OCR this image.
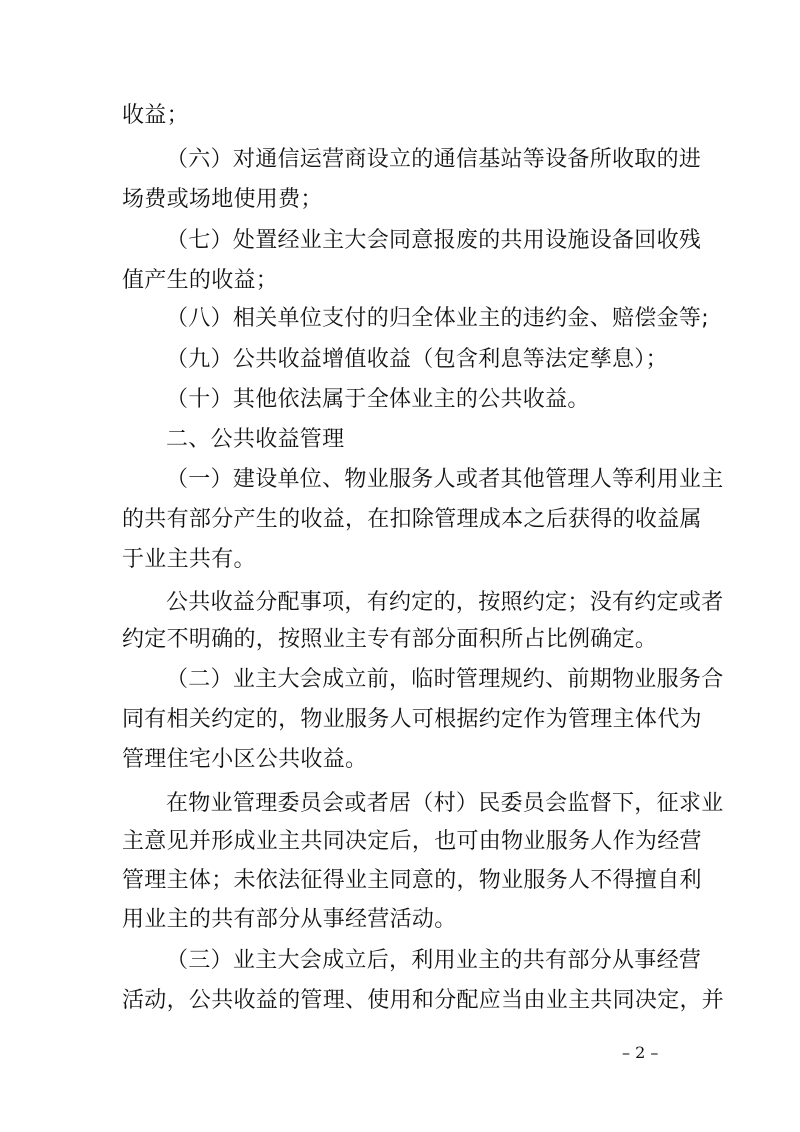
收益；
（六）对通信运营商设立的通信基站等设备所收取的进
场费或场地使用费；
（七）处置经业主大会同意报废的共用设施设备回收残
值产生的收益；
（八）相关单位支付的归全体业主的违约金、赔偿金等;
（九）公共收益增值收益（包含利息等法定孳息）；
（十）其他依法属于全体业主的公共收益。
二、公共收益管理
（一）建设单位、物业服务人或者其他管理人等利用业主
的共有部分产生的收益，在扣除管理成本之后获得的收益属
于业主共有。
公共收益分配事项，有约定的，按照约定；没有约定或者
约定不明确的，按照业主专有部分面积所占比例确定。
（二）业主大会成立前，临时管理规约、前期物业服务合
同有相关约定的，物业服务人可根据约定作为管理主体代为
管理住宅小区公共收益。
在物业管理委员会或者居（村）民委员会监督下，征求业
主意见并形成业主共同决定后，也可由物业服务人作为经营
管理主体；未依法征得业主同意的，物业服务人不得擅自利
用业主的共有部分从事经营活动。
（三）业主大会成立后，利用业主的共有部分从事经营
活动，公共收益的管理、使用和分配应当由业主共同决定，并
– 2 –
